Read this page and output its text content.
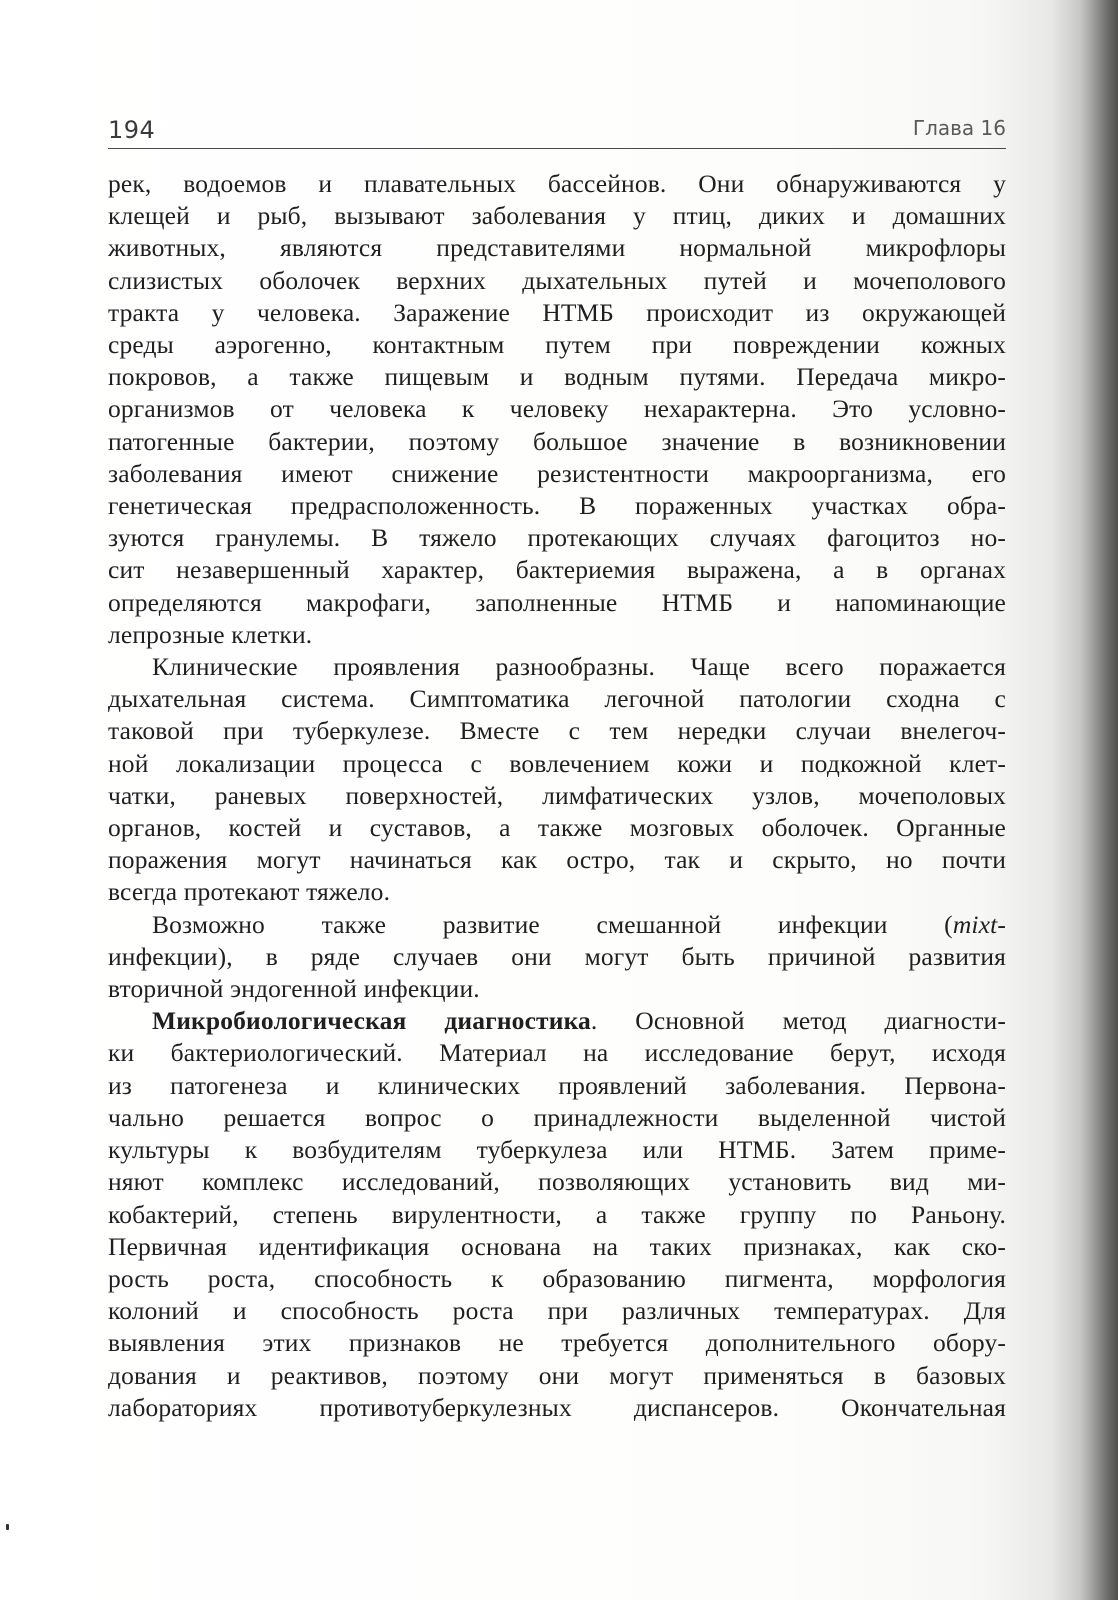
194	Глава 16

рек, водоемов и плавательных бассейнов. Они обнаруживаются у
клещей и рыб, вызывают заболевания у птиц, диких и домашних
животных, являются представителями нормальной микрофлоры
слизистых оболочек верхних дыхательных путей и мочеполового
тракта у человека. Заражение НТМБ происходит из окружающей
среды аэрогенно, контактным путем при повреждении кожных
покровов, а также пищевым и водным путями. Передача микро-
организмов от человека к человеку нехарактерна. Это условно-
патогенные бактерии, поэтому большое значение в возникновении
заболевания имеют снижение резистентности макроорганизма, его
генетическая предрасположенность. В пораженных участках обра-
зуются гранулемы. В тяжело протекающих случаях фагоцитоз но-
сит незавершенный характер, бактериемия выражена, а в органах
определяются макрофаги, заполненные НТМБ и напоминающие
лепрозные клетки.

Клинические проявления разнообразны. Чаще всего поражается
дыхательная система. Симптоматика легочной патологии сходна с
таковой при туберкулезе. Вместе с тем нередки случаи внелегоч-
ной локализации процесса с вовлечением кожи и подкожной клет-
чатки, раневых поверхностей, лимфатических узлов, мочеполовых
органов, костей и суставов, а также мозговых оболочек. Органные
поражения могут начинаться как остро, так и скрыто, но почти
всегда протекают тяжело.

Возможно также развитие смешанной инфекции (mixt-
инфекции), в ряде случаев они могут быть причиной развития
вторичной эндогенной инфекции.

Микробиологическая диагностика. Основной метод диагности-
ки бактериологический. Материал на исследование берут, исходя
из патогенеза и клинических проявлений заболевания. Первона-
чально решается вопрос о принадлежности выделенной чистой
культуры к возбудителям туберкулеза или НТМБ. Затем приме-
няют комплекс исследований, позволяющих установить вид ми-
кобактерий, степень вирулентности, а также группу по Раньону.
Первичная идентификация основана на таких признаках, как ско-
рость роста, способность к образованию пигмента, морфология
колоний и способность роста при различных температурах. Для
выявления этих признаков не требуется дополнительного обору-
дования и реактивов, поэтому они могут применяться в базовых
лабораториях противотуберкулезных диспансеров. Окончательная
